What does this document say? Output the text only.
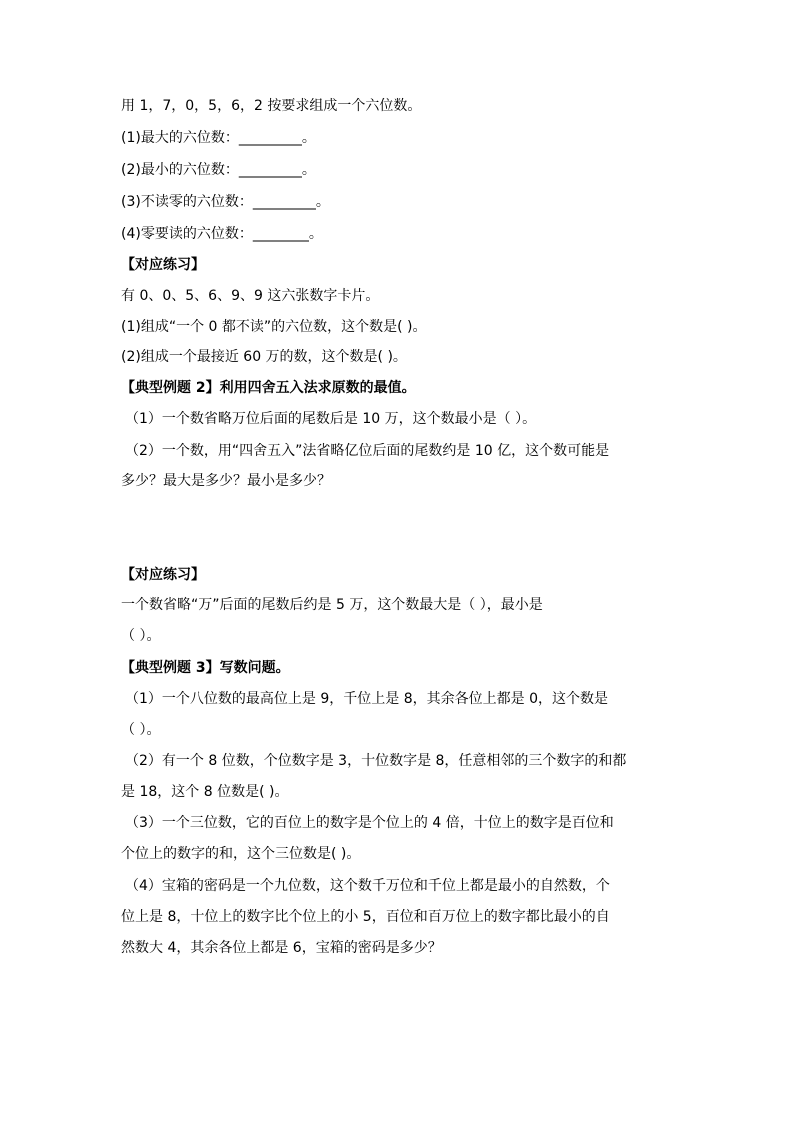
用 1，7，0，5，6，2 按要求组成一个六位数。
(1)最大的六位数：_________。
(2)最小的六位数：_________。
(3)不读零的六位数：_________。
(4)零要读的六位数：________。
【对应练习】
有 0、0、5、6、9、9 这六张数字卡片。
(1)组成“一个 0 都不读”的六位数，这个数是( )。
(2)组成一个最接近 60 万的数，这个数是( )。
【典型例题 2】利用四舍五入法求原数的最值。
（1）一个数省略万位后面的尾数后是 10 万，这个数最小是（ ）。
（2）一个数，用“四舍五入”法省略亿位后面的尾数约是 10 亿，这个数可能是
多少？最大是多少？最小是多少？
【对应练习】
一个数省略“万”后面的尾数后约是 5 万，这个数最大是（ ），最小是
（ ）。
【典型例题 3】写数问题。
（1）一个八位数的最高位上是 9，千位上是 8，其余各位上都是 0，这个数是
（ ）。
（2）有一个 8 位数，个位数字是 3，十位数字是 8，任意相邻的三个数字的和都
是 18，这个 8 位数是( )。
（3）一个三位数，它的百位上的数字是个位上的 4 倍，十位上的数字是百位和
个位上的数字的和，这个三位数是( )。
（4）宝箱的密码是一个九位数，这个数千万位和千位上都是最小的自然数，个
位上是 8，十位上的数字比个位上的小 5，百位和百万位上的数字都比最小的自
然数大 4，其余各位上都是 6，宝箱的密码是多少？
